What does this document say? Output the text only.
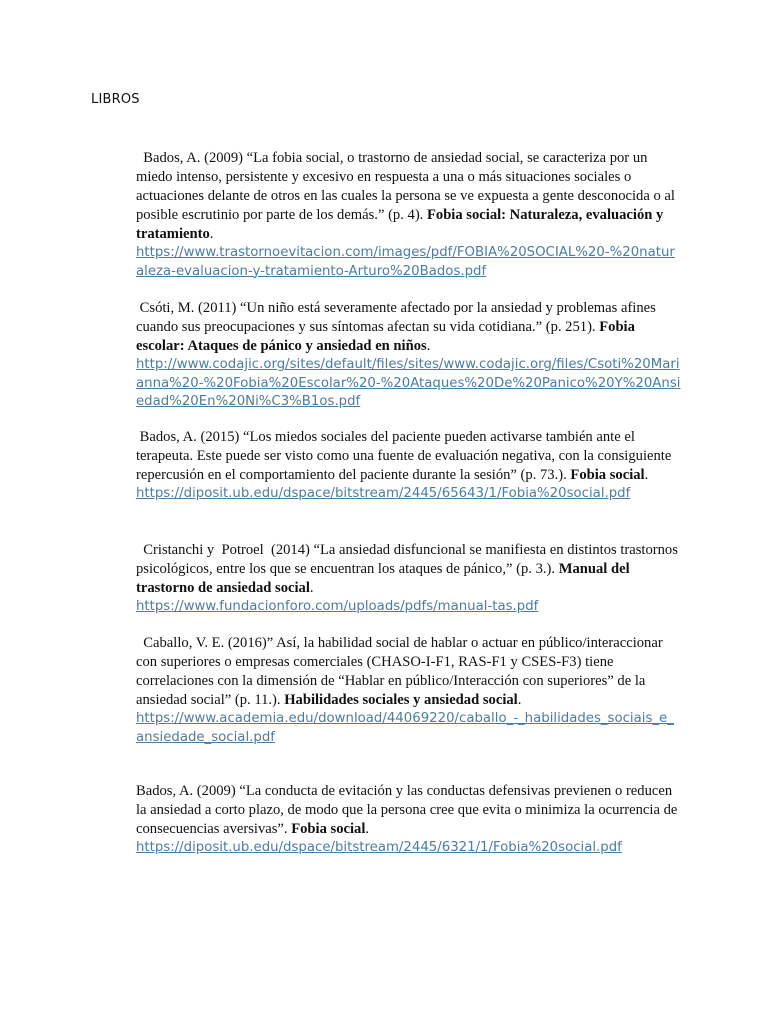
LIBROS

Bados, A. (2009) “La fobia social, o trastorno de ansiedad social, se caracteriza por un miedo intenso, persistente y excesivo en respuesta a una o más situaciones sociales o actuaciones delante de otros en las cuales la persona se ve expuesta a gente desconocida o al posible escrutinio por parte de los demás.” (p. 4). Fobia social: Naturaleza, evaluación y tratamiento.

https://www.trastornoevitacion.com/images/pdf/FOBIA%20SOCIAL%20-%20naturaleza-evaluacion-y-tratamiento-Arturo%20Bados.pdf

Csóti, M. (2011) “Un niño está severamente afectado por la ansiedad y problemas afines cuando sus preocupaciones y sus síntomas afectan su vida cotidiana.” (p. 251). Fobia escolar: Ataques de pánico y ansiedad en niños.

http://www.codajic.org/sites/default/files/sites/www.codajic.org/files/Csoti%20Marianna%20-%20Fobia%20Escolar%20-%20Ataques%20De%20Panico%20Y%20Ansiedad%20En%20Ni%C3%B1os.pdf

Bados, A. (2015) “Los miedos sociales del paciente pueden activarse también ante el terapeuta. Este puede ser visto como una fuente de evaluación negativa, con la consiguiente repercusión en el comportamiento del paciente durante la sesión” (p. 73.). Fobia social.

https://diposit.ub.edu/dspace/bitstream/2445/65643/1/Fobia%20social.pdf

Cristanchi y  Potroel  (2014) “La ansiedad disfuncional se manifiesta en distintos trastornos psicológicos, entre los que se encuentran los ataques de pánico,” (p. 3.). Manual del trastorno de ansiedad social.

https://www.fundacionforo.com/uploads/pdfs/manual-tas.pdf

Caballo, V. E. (2016)” Así, la habilidad social de hablar o actuar en público/interaccionar con superiores o empresas comerciales (CHASO-I-F1, RAS-F1 y CSES-F3) tiene correlaciones con la dimensión de “Hablar en público/Interacción con superiores” de la ansiedad social” (p. 11.). Habilidades sociales y ansiedad social.

https://www.academia.edu/download/44069220/caballo_-_habilidades_sociais_e_ansiedade_social.pdf

Bados, A. (2009) “La conducta de evitación y las conductas defensivas previenen o reducen la ansiedad a corto plazo, de modo que la persona cree que evita o minimiza la ocurrencia de consecuencias aversivas”. Fobia social.

https://diposit.ub.edu/dspace/bitstream/2445/6321/1/Fobia%20social.pdf
